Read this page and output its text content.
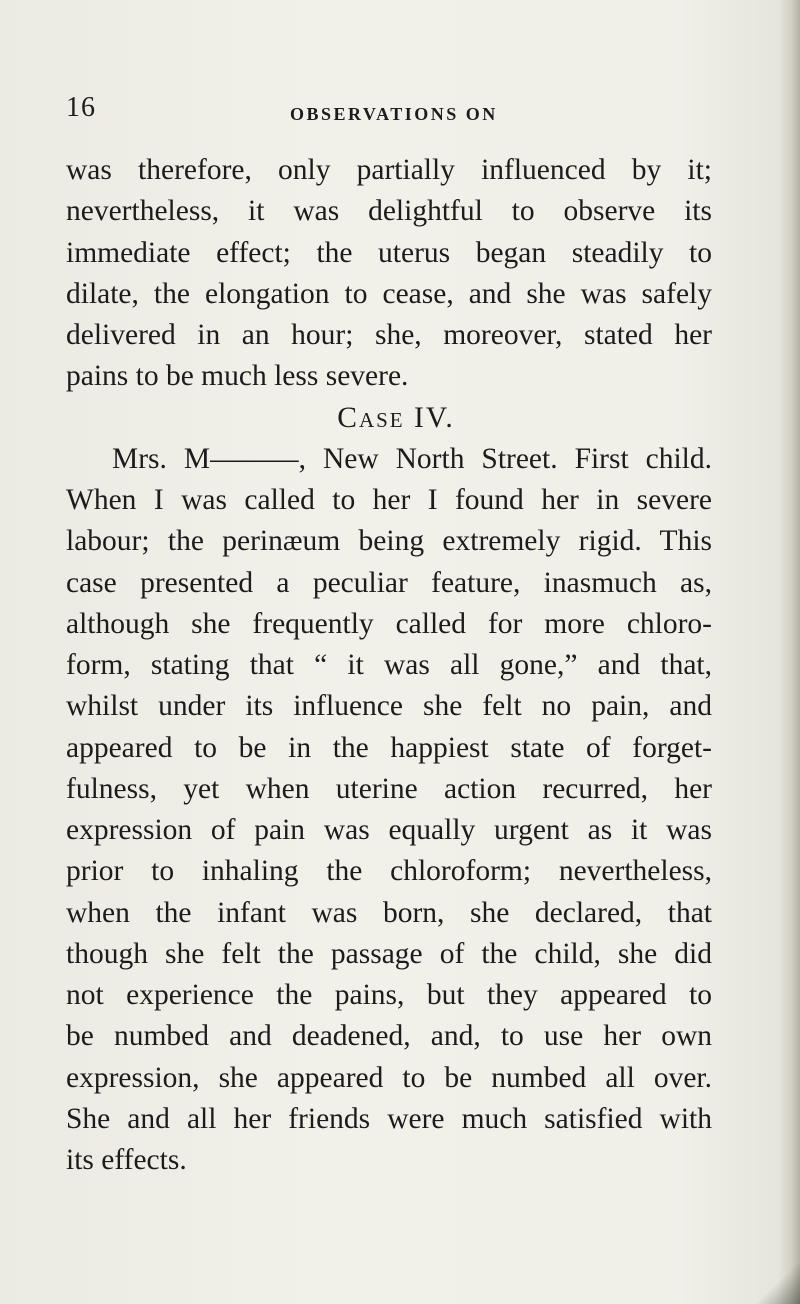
16	OBSERVATIONS ON
was therefore, only partially influenced by it;
nevertheless, it was delightful to observe its
immediate effect; the uterus began steadily to
dilate, the elongation to cease, and she was safely
delivered in an hour; she, moreover, stated her
pains to be much less severe.
Case IV.
Mrs. M———, New North Street. First child.
When I was called to her I found her in severe
labour; the perinæum being extremely rigid. This
case presented a peculiar feature, inasmuch as,
although she frequently called for more chloro-
form, stating that “ it was all gone,” and that,
whilst under its influence she felt no pain, and
appeared to be in the happiest state of forget-
fulness, yet when uterine action recurred, her
expression of pain was equally urgent as it was
prior to inhaling the chloroform; nevertheless,
when the infant was born, she declared, that
though she felt the passage of the child, she did
not experience the pains, but they appeared to
be numbed and deadened, and, to use her own
expression, she appeared to be numbed all over.
She and all her friends were much satisfied with
its effects.
